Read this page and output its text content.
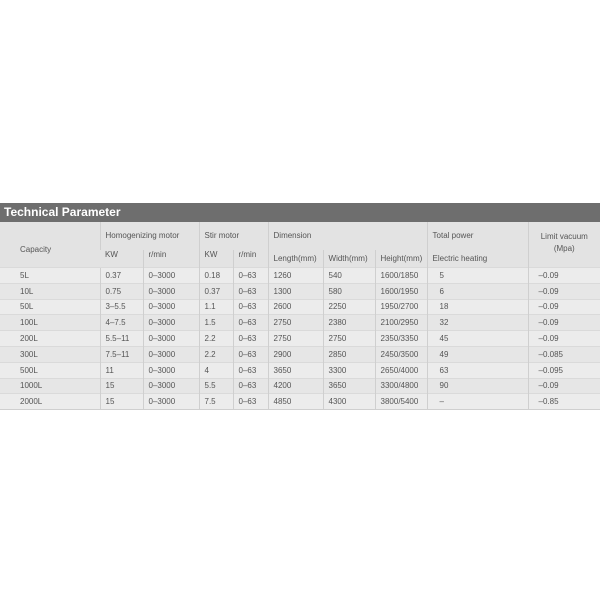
Technical Parameter
Capacity	Homogenizing motor		Stir motor		Dimension			Total power	Limit vacuum
(Mpa)

	KW	r/min	KW	r/min	Length(mm)	Width(mm)	Height(mm)	Electric heating	
5L	0.37	0–3000	0.18	0–63	1260	540	1600/1850	5	–0.09
10L	0.75	0–3000	0.37	0–63	1300	580	1600/1950	6	–0.09
50L	3–5.5	0–3000	1.1	0–63	2600	2250	1950/2700	18	–0.09
100L	4–7.5	0–3000	1.5	0–63	2750	2380	2100/2950	32	–0.09
200L	5.5–11	0–3000	2.2	0–63	2750	2750	2350/3350	45	–0.09
300L	7.5–11	0–3000	2.2	0–63	2900	2850	2450/3500	49	–0.085
500L	11	0–3000	4	0–63	3650	3300	2650/4000	63	–0.095
1000L	15	0–3000	5.5	0–63	4200	3650	3300/4800	90	–0.09
2000L	15	0–3000	7.5	0–63	4850	4300	3800/5400	–	–0.85
